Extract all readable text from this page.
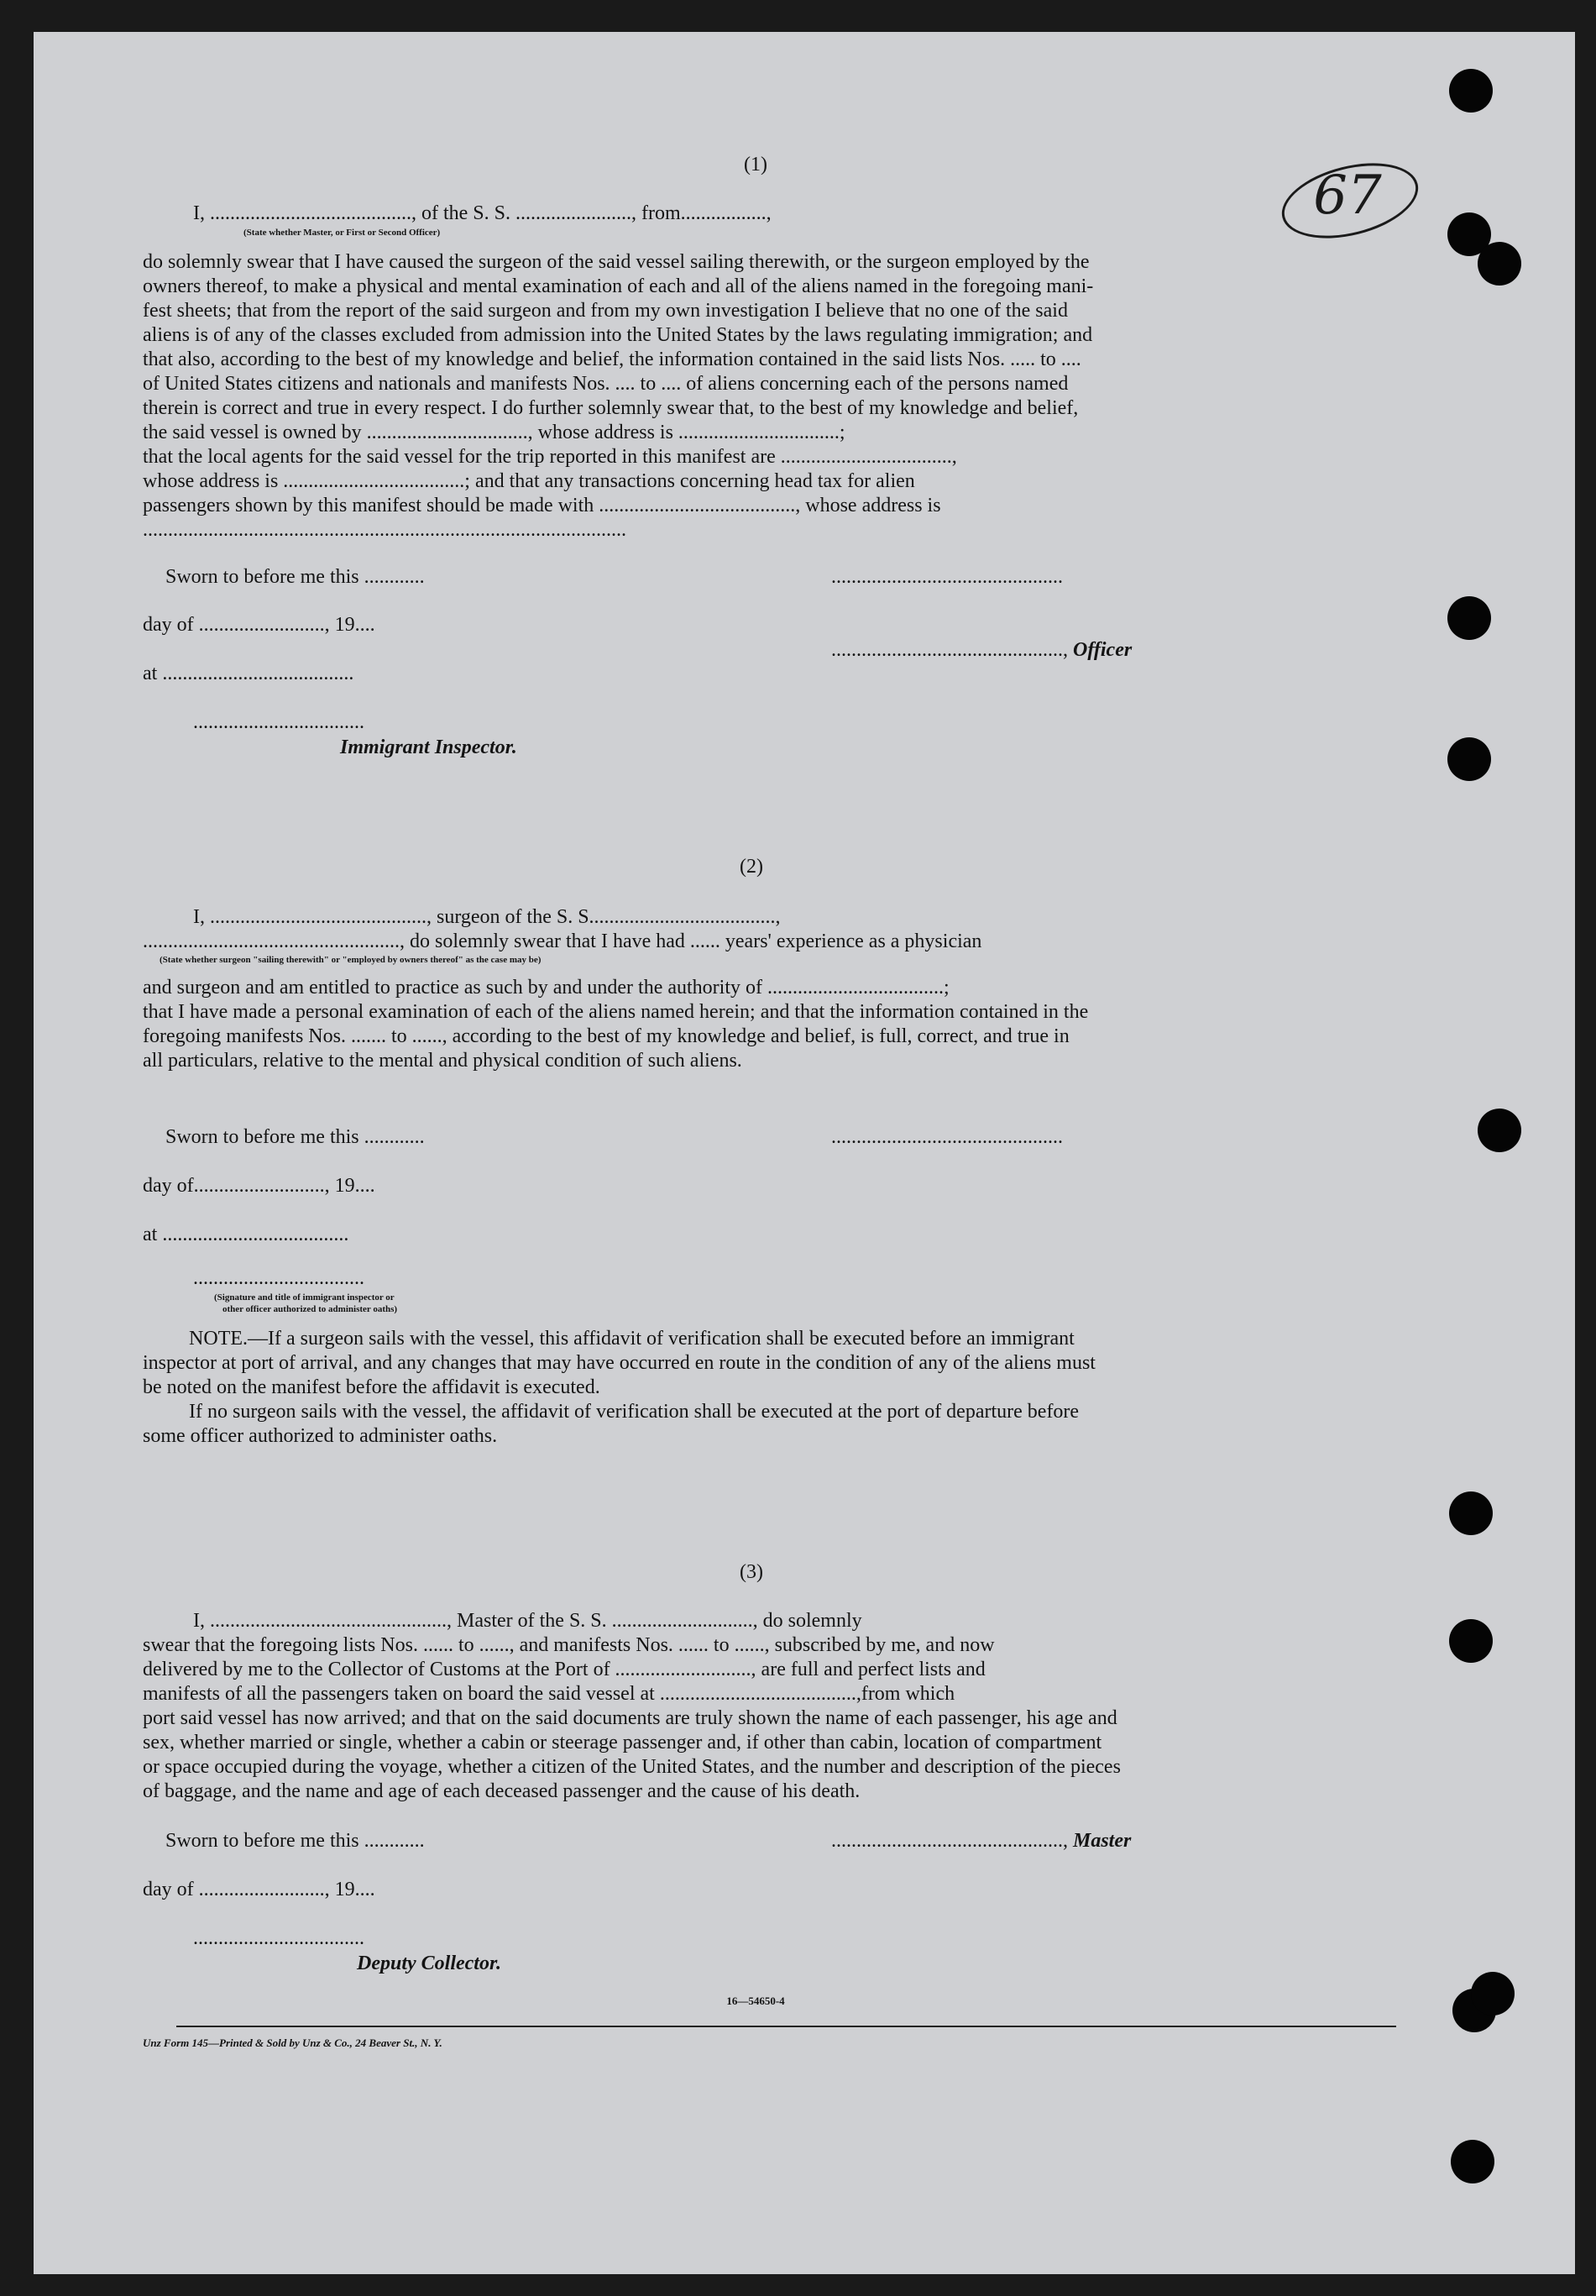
67
(1)
I, ........................................, of the S. S. ......................., from.................,
(State whether Master, or First or Second Officer)
do solemnly swear that I have caused the surgeon of the said vessel sailing therewith, or the surgeon employed by the
owners thereof, to make a physical and mental examination of each and all of the aliens named in the foregoing mani-
fest sheets; that from the report of the said surgeon and from my own investigation I believe that no one of the said
aliens is of any of the classes excluded from admission into the United States by the laws regulating immigration; and
that also, according to the best of my knowledge and belief, the information contained in the said lists Nos. ..... to ....
of United States citizens and nationals and manifests Nos. .... to .... of aliens concerning each of the persons named
therein is correct and true in every respect. I do further solemnly swear that, to the best of my knowledge and belief,
the said vessel is owned by ................................, whose address is ................................;
that the local agents for the said vessel for the trip reported in this manifest are ..................................,
whose address is ....................................; and that any transactions concerning head tax for alien
passengers shown by this manifest should be made with ......................................., whose address is
................................................................................................
Sworn to before me this ............	..............................................
day of ........................., 19....
.............................................., Officer
at ......................................
..................................
Immigrant Inspector.
(2)
I, ..........................................., surgeon of the S. S.....................................,
..................................................., do solemnly swear that I have had ...... years' experience as a physician
(State whether surgeon "sailing therewith" or "employed by owners thereof" as the case may be)
and surgeon and am entitled to practice as such by and under the authority of ...................................;
that I have made a personal examination of each of the aliens named herein; and that the information contained in the
foregoing manifests Nos. ....... to ......, according to the best of my knowledge and belief, is full, correct, and true in
all particulars, relative to the mental and physical condition of such aliens.
Sworn to before me this ............	..............................................
day of.........................., 19....
at .....................................
..................................
(Signature and title of immigrant inspector or
other officer authorized to administer oaths)
NOTE.—If a surgeon sails with the vessel, this affidavit of verification shall be executed before an immigrant
inspector at port of arrival, and any changes that may have occurred en route in the condition of any of the aliens must
be noted on the manifest before the affidavit is executed.
If no surgeon sails with the vessel, the affidavit of verification shall be executed at the port of departure before
some officer authorized to administer oaths.
(3)
I, ..............................................., Master of the S. S. ............................, do solemnly
swear that the foregoing lists Nos. ...... to ......, and manifests Nos. ...... to ......, subscribed by me, and now
delivered by me to the Collector of Customs at the Port of ..........................., are full and perfect lists and
manifests of all the passengers taken on board the said vessel at .......................................,from which
port said vessel has now arrived; and that on the said documents are truly shown the name of each passenger, his age and
sex, whether married or single, whether a cabin or steerage passenger and, if other than cabin, location of compartment
or space occupied during the voyage, whether a citizen of the United States, and the number and description of the pieces
of baggage, and the name and age of each deceased passenger and the cause of his death.
Sworn to before me this ............	.............................................., Master
day of ........................., 19....
..................................
Deputy Collector.
16—54650-4
Unz Form 145—Printed & Sold by Unz & Co., 24 Beaver St., N. Y.
